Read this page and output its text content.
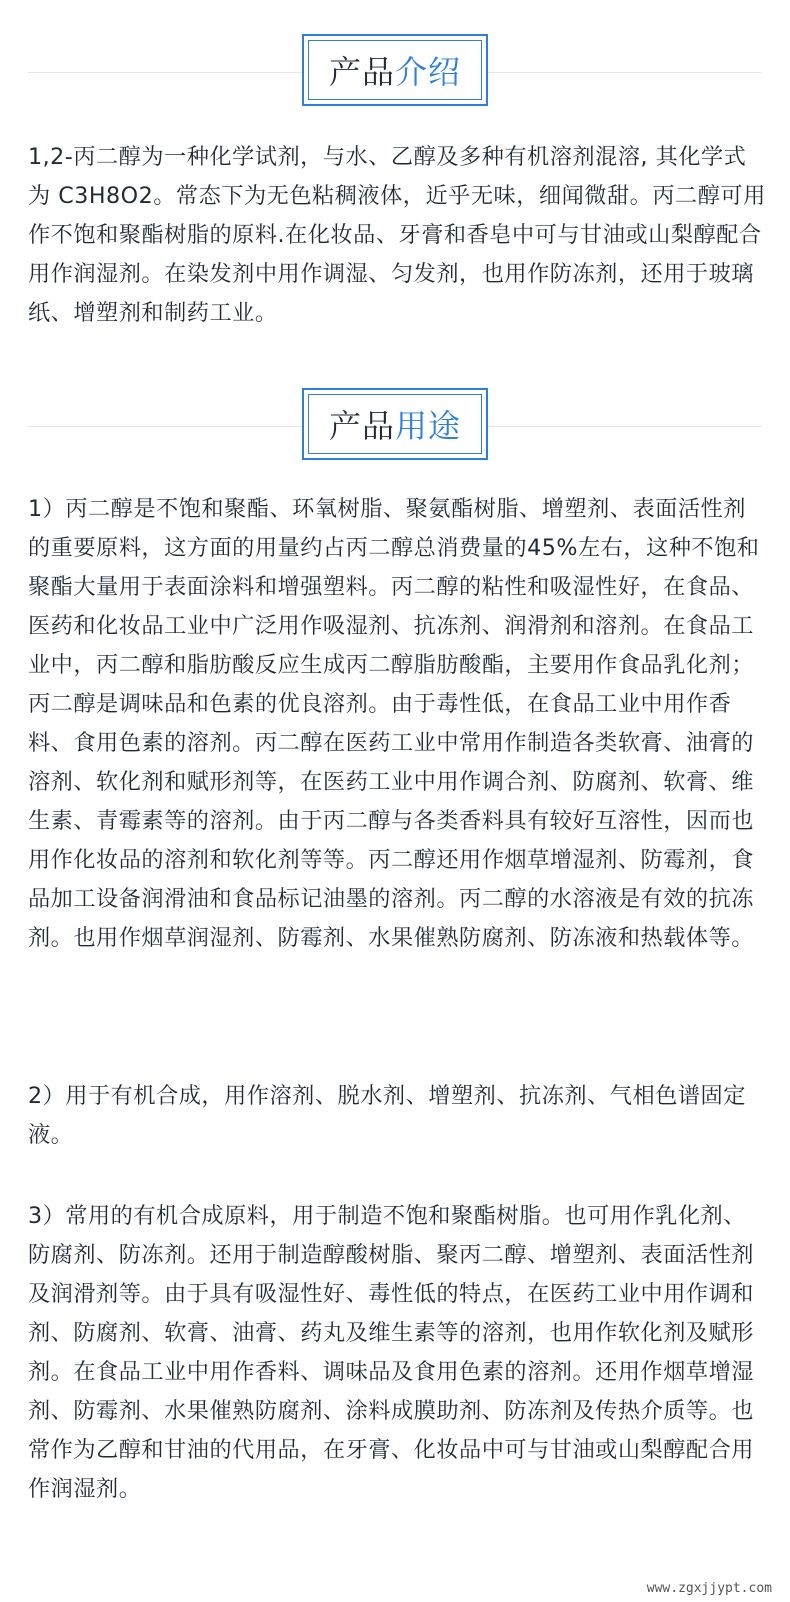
产品 介绍

1,2-丙二醇为一种化学试剂，与水、乙醇及多种有机溶剂混溶, 其化学式为 C3H8O2。常态下为无色粘稠液体，近乎无味，细闻微甜。丙二醇可用作不饱和聚酯树脂的原料.在化妆品、牙膏和香皂中可与甘油或山梨醇配合用作润湿剂。在染发剂中用作调湿、匀发剂，也用作防冻剂，还用于玻璃纸、增塑剂和制药工业。

产品 用途

1）丙二醇是不饱和聚酯、环氧树脂、聚氨酯树脂、增塑剂、表面活性剂的重要原料，这方面的用量约占丙二醇总消费量的45%左右，这种不饱和聚酯大量用于表面涂料和增强塑料。丙二醇的粘性和吸湿性好，在食品、医药和化妆品工业中广泛用作吸湿剂、抗冻剂、润滑剂和溶剂。在食品工业中，丙二醇和脂肪酸反应生成丙二醇脂肪酸酯，主要用作食品乳化剂；丙二醇是调味品和色素的优良溶剂。由于毒性低，在食品工业中用作香料、食用色素的溶剂。丙二醇在医药工业中常用作制造各类软膏、油膏的溶剂、软化剂和赋形剂等，在医药工业中用作调合剂、防腐剂、软膏、维生素、青霉素等的溶剂。由于丙二醇与各类香料具有较好互溶性，因而也用作化妆品的溶剂和软化剂等等。丙二醇还用作烟草增湿剂、防霉剂，食品加工设备润滑油和食品标记油墨的溶剂。丙二醇的水溶液是有效的抗冻剂。也用作烟草润湿剂、防霉剂、水果催熟防腐剂、防冻液和热载体等。

2）用于有机合成，用作溶剂、脱水剂、增塑剂、抗冻剂、气相色谱固定液。

3）常用的有机合成原料，用于制造不饱和聚酯树脂。也可用作乳化剂、防腐剂、防冻剂。还用于制造醇酸树脂、聚丙二醇、增塑剂、表面活性剂及润滑剂等。由于具有吸湿性好、毒性低的特点，在医药工业中用作调和剂、防腐剂、软膏、油膏、药丸及维生素等的溶剂，也用作软化剂及赋形剂。在食品工业中用作香料、调味品及食用色素的溶剂。还用作烟草增湿剂、防霉剂、水果催熟防腐剂、涂料成膜助剂、防冻剂及传热介质等。也常作为乙醇和甘油的代用品，在牙膏、化妆品中可与甘油或山梨醇配合用作润湿剂。

www.zgxjjypt.com
